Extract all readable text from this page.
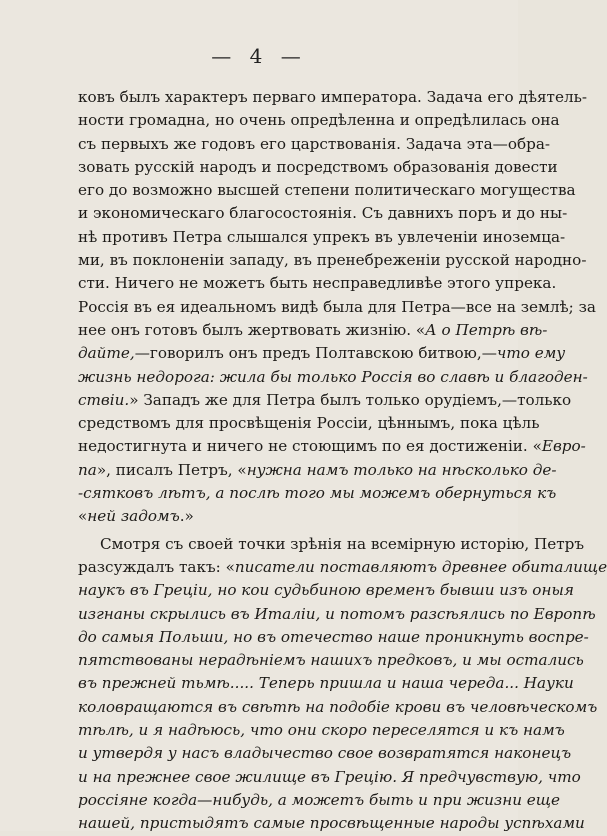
— 4 —
ковъ былъ характеръ перваго императора. Задача его дѣятель-
ности громадна, но очень опредѣленна и опредѣлилась она
съ первыхъ же годовъ его царствованія. Задача эта—обра-
зовать русскій народъ и посредствомъ образованія довести
его до возможно высшей степени политическаго могущества
и экономическаго благосостоянія. Съ давнихъ поръ и до ны-
нѣ противъ Петра слышался упрекъ въ увлеченіи иноземца-
ми, въ поклоненіи западу, въ пренебреженіи русской народно-
сти. Ничего не можетъ быть несправедливѣе этого упрека.
Россія въ ея идеальномъ видѣ была для Петра—все на землѣ; за
нее онъ готовъ былъ жертвовать жизнію. «А о Петрѣ вѣ-
дайте,—говорилъ онъ предъ Полтавскою битвою,—что ему
жизнь недорога: жила бы только Россія во славѣ и благоден-
ствіи.» Западъ же для Петра былъ только орудіемъ,—только
средствомъ для просвѣщенія Россіи, цѣннымъ, пока цѣль
недостигнута и ничего не стоющимъ по ея достиженіи. «Евро-
па», писалъ Петръ, «нужна намъ только на нѣсколько де-
-сятковъ лѣтъ, а послѣ того мы можемъ обернуться къ
«ней задомъ.»
Смотря съ своей точки зрѣнія на всемірную исторію, Петръ
разсуждалъ такъ: «писатели поставляютъ древнее обиталище
наукъ въ Греціи, но кои судьбиною временъ бывши изъ оныя
изгнаны скрылись въ Италіи, и потомъ разсѣялись по Европѣ
до самыя Польши, но въ отечество наше проникнуть воспре-
пятствованы нерадѣніемъ нашихъ предковъ, и мы остались
въ прежней тьмѣ..... Теперь пришла и наша череда... Науки
коловращаются въ свѣтѣ на подобіе крови въ человѣческомъ
тѣлѣ, и я надѣюсь, что они скоро переселятся и къ намъ
и утвердя у насъ владычество свое возвратятся наконецъ
и на прежнее свое жилище въ Грецію. Я предчувствую, что
россіяне когда—нибудь, а можетъ быть и при жизни еще
нашей, пристыдятъ самые просвѣщенные народы успѣхами
